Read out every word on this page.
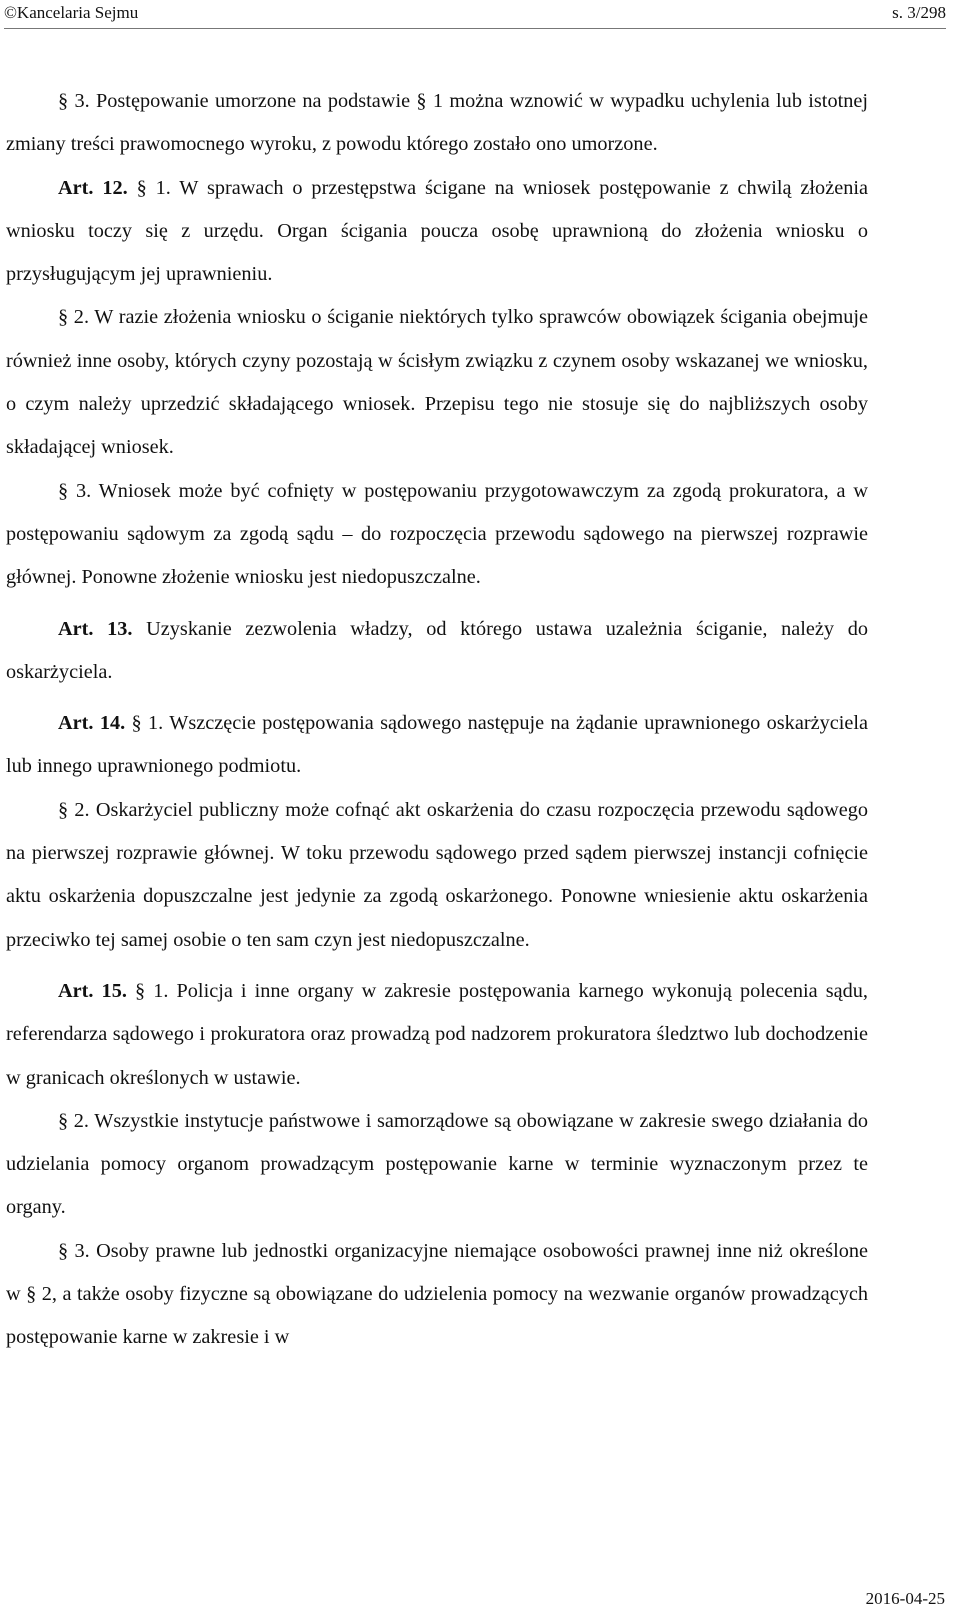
©Kancelaria Sejmu	s. 3/298

§ 3. Postępowanie umorzone na podstawie § 1 można wznowić w wypadku uchylenia lub istotnej zmiany treści prawomocnego wyroku, z powodu którego zostało ono umorzone.

Art. 12. § 1. W sprawach o przestępstwa ścigane na wniosek postępowanie z chwilą złożenia wniosku toczy się z urzędu. Organ ścigania poucza osobę uprawnioną do złożenia wniosku o przysługującym jej uprawnieniu.

§ 2. W razie złożenia wniosku o ściganie niektórych tylko sprawców obowiązek ścigania obejmuje również inne osoby, których czyny pozostają w ścisłym związku z czynem osoby wskazanej we wniosku, o czym należy uprzedzić składającego wniosek. Przepisu tego nie stosuje się do najbliższych osoby składającej wniosek.

§ 3. Wniosek może być cofnięty w postępowaniu przygotowawczym za zgodą prokuratora, a w postępowaniu sądowym za zgodą sądu – do rozpoczęcia przewodu sądowego na pierwszej rozprawie głównej. Ponowne złożenie wniosku jest niedopuszczalne.

Art. 13. Uzyskanie zezwolenia władzy, od którego ustawa uzależnia ściganie, należy do oskarżyciela.

Art. 14. § 1. Wszczęcie postępowania sądowego następuje na żądanie uprawnionego oskarżyciela lub innego uprawnionego podmiotu.

§ 2. Oskarżyciel publiczny może cofnąć akt oskarżenia do czasu rozpoczęcia przewodu sądowego na pierwszej rozprawie głównej. W toku przewodu sądowego przed sądem pierwszej instancji cofnięcie aktu oskarżenia dopuszczalne jest jedynie za zgodą oskarżonego. Ponowne wniesienie aktu oskarżenia przeciwko tej samej osobie o ten sam czyn jest niedopuszczalne.

Art. 15. § 1. Policja i inne organy w zakresie postępowania karnego wykonują polecenia sądu, referendarza sądowego i prokuratora oraz prowadzą pod nadzorem prokuratora śledztwo lub dochodzenie w granicach określonych w ustawie.

§ 2. Wszystkie instytucje państwowe i samorządowe są obowiązane w zakresie swego działania do udzielania pomocy organom prowadzącym postępowanie karne w terminie wyznaczonym przez te organy.

§ 3. Osoby prawne lub jednostki organizacyjne niemające osobowości prawnej inne niż określone w § 2, a także osoby fizyczne są obowiązane do udzielenia pomocy na wezwanie organów prowadzących postępowanie karne w zakresie i w

2016-04-25
